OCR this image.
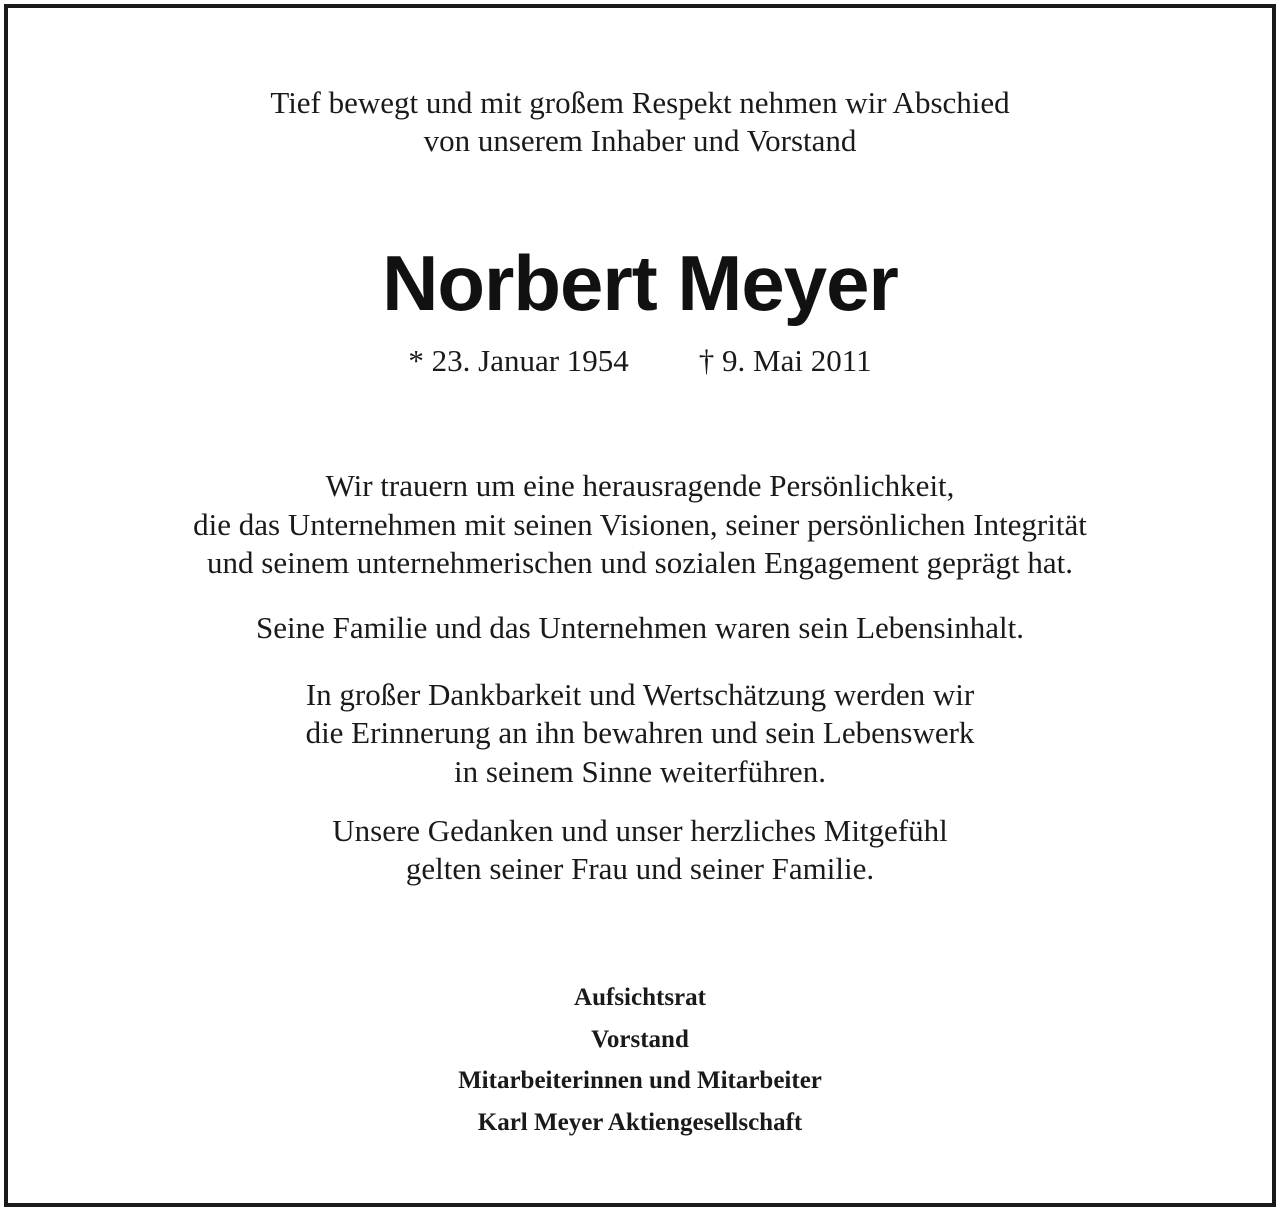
Tief bewegt und mit großem Respekt nehmen wir Abschied
von unserem Inhaber und Vorstand
Norbert Meyer
* 23. Januar 1954 † 9. Mai 2011
Wir trauern um eine herausragende Persönlichkeit,
die das Unternehmen mit seinen Visionen, seiner persönlichen Integrität
und seinem unternehmerischen und sozialen Engagement geprägt hat.
Seine Familie und das Unternehmen waren sein Lebensinhalt.
In großer Dankbarkeit und Wertschätzung werden wir
die Erinnerung an ihn bewahren und sein Lebenswerk
in seinem Sinne weiterführen.
Unsere Gedanken und unser herzliches Mitgefühl
gelten seiner Frau und seiner Familie.
Aufsichtsrat
Vorstand
Mitarbeiterinnen und Mitarbeiter
Karl Meyer Aktiengesellschaft
